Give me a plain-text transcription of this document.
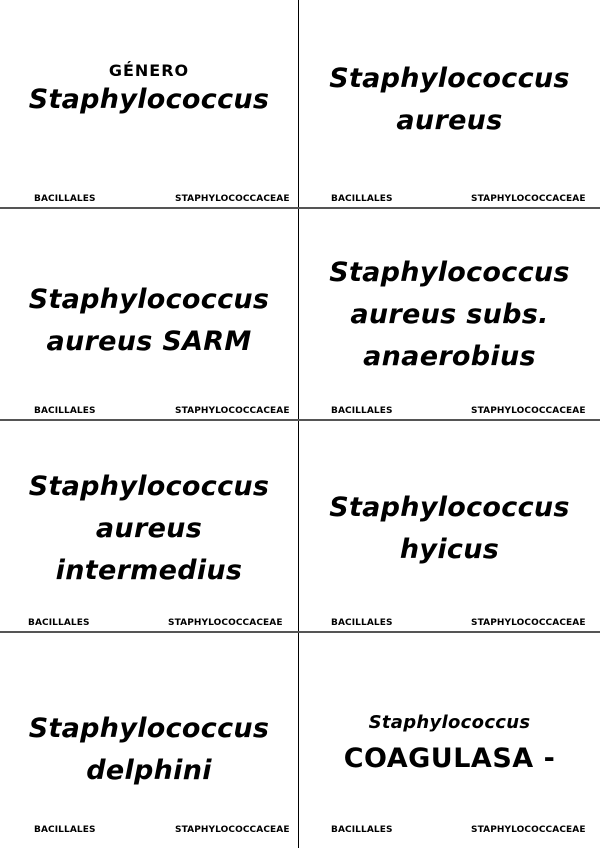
GÉNERO
Staphylococcus
BACILLALES	STAPHYLOCOCCACEAE
Staphylococcus
aureus
BACILLALES	STAPHYLOCOCCACEAE
Staphylococcus
aureus SARM
BACILLALES	STAPHYLOCOCCACEAE
Staphylococcus
aureus subs.
anaerobius
BACILLALES	STAPHYLOCOCCACEAE
Staphylococcus
aureus
intermedius
BACILLALES	STAPHYLOCOCCACEAE
Staphylococcus
hyicus
BACILLALES	STAPHYLOCOCCACEAE
Staphylococcus
delphini
BACILLALES	STAPHYLOCOCCACEAE
Staphylococcus
COAGULASA -
BACILLALES	STAPHYLOCOCCACEAE
